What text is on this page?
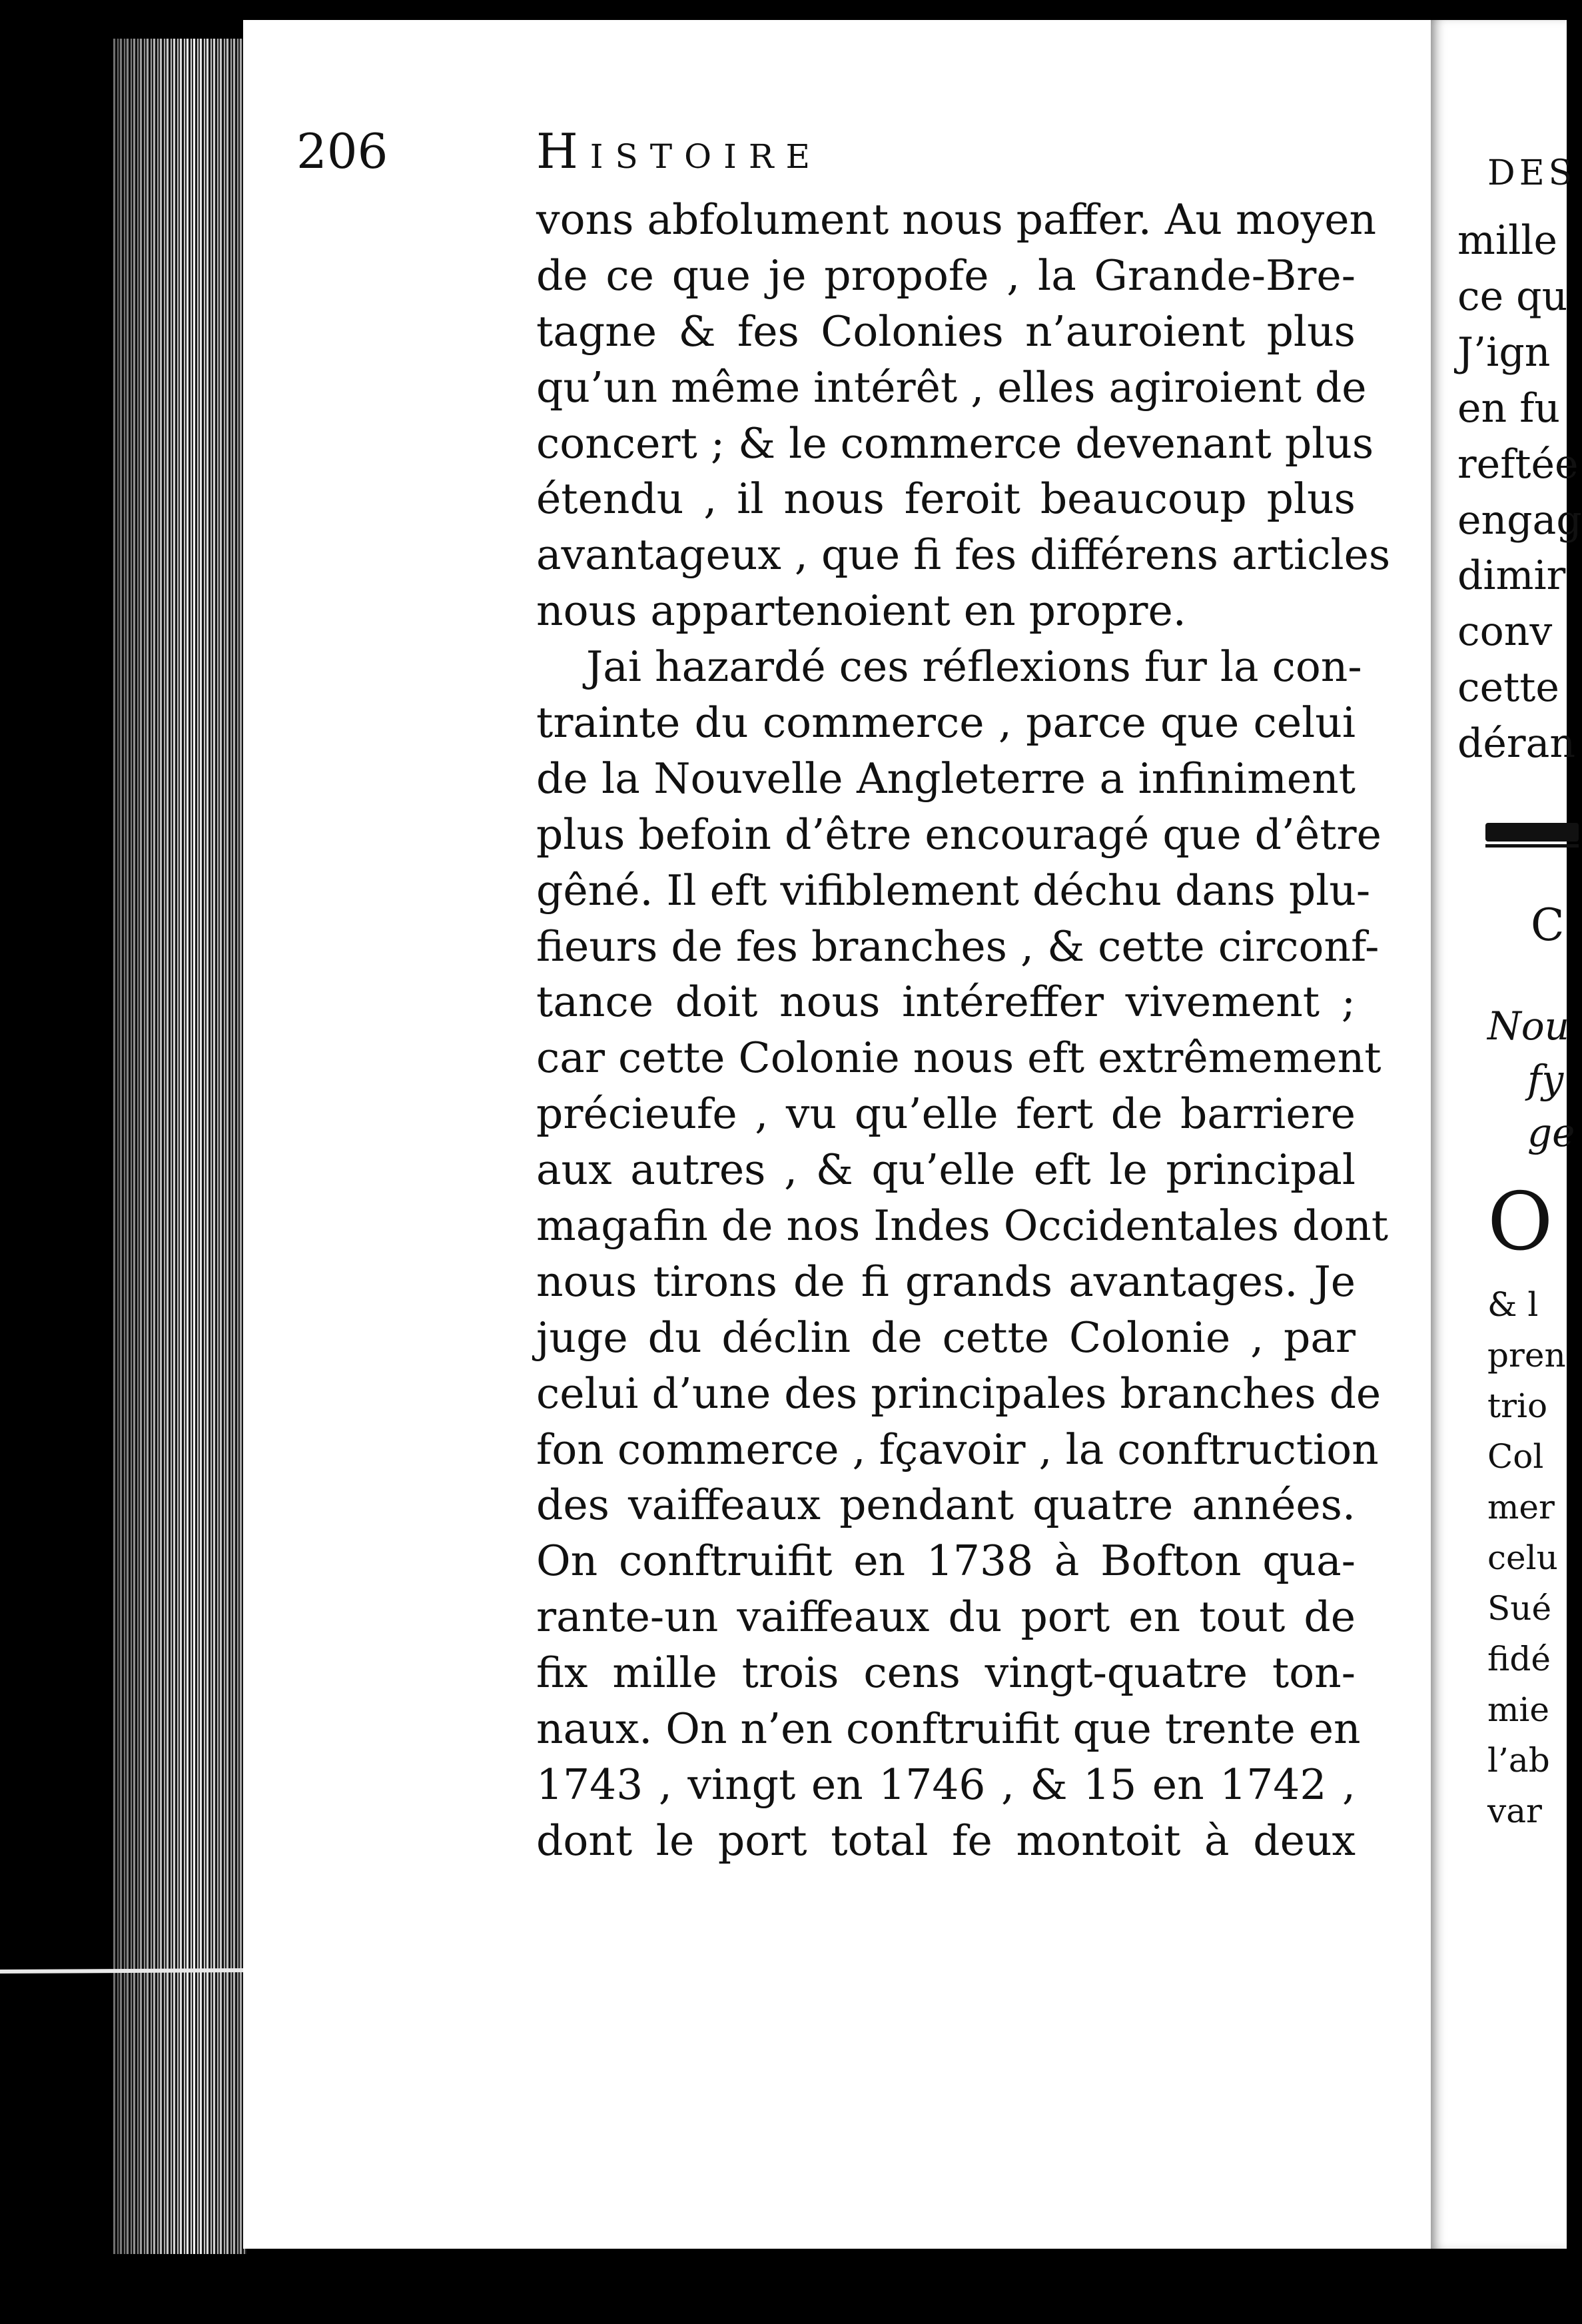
206	Histoire
vons abfolument nous paffer. Au moyen
de ce que je propofe , la Grande-Bre-
tagne & fes Colonies n’auroient plus
qu’un même intérêt , elles agiroient de
concert ; & le commerce devenant plus
étendu , il nous feroit beaucoup plus
avantageux , que fi fes différens articles
nous appartenoient en propre.
Jai hazardé ces réflexions fur la con-
trainte du commerce , parce que celui
de la Nouvelle Angleterre a infiniment
plus befoin d’être encouragé que d’être
gêné. Il eft vifiblement déchu dans plu-
fieurs de fes branches , & cette circonf-
tance doit nous intéreffer vivement ;
car cette Colonie nous eft extrêmement
précieufe , vu qu’elle fert de barriere
aux autres , & qu’elle eft le principal
magafin de nos Indes Occidentales dont
nous tirons de fi grands avantages. Je
juge du déclin de cette Colonie , par
celui d’une des principales branches de
fon commerce , fçavoir , la conftruction
des vaiffeaux pendant quatre années.
On conftruifit en 1738 à Bofton qua-
rante-un vaiffeaux du port en tout de
fix mille trois cens vingt-quatre ton-
naux. On n’en conftruifit que trente en
1743 , vingt en 1746 , & 15 en 1742 ,
dont le port total fe montoit à deux
DES
mille
ce qu
J’ign
en fu
reftée
engag
dimir
conv
cette
déran
C
Nou
fy
ge
O
& l
pren
trio
Col
mer
celu
Sué
fidé
mie
l’ab
var
